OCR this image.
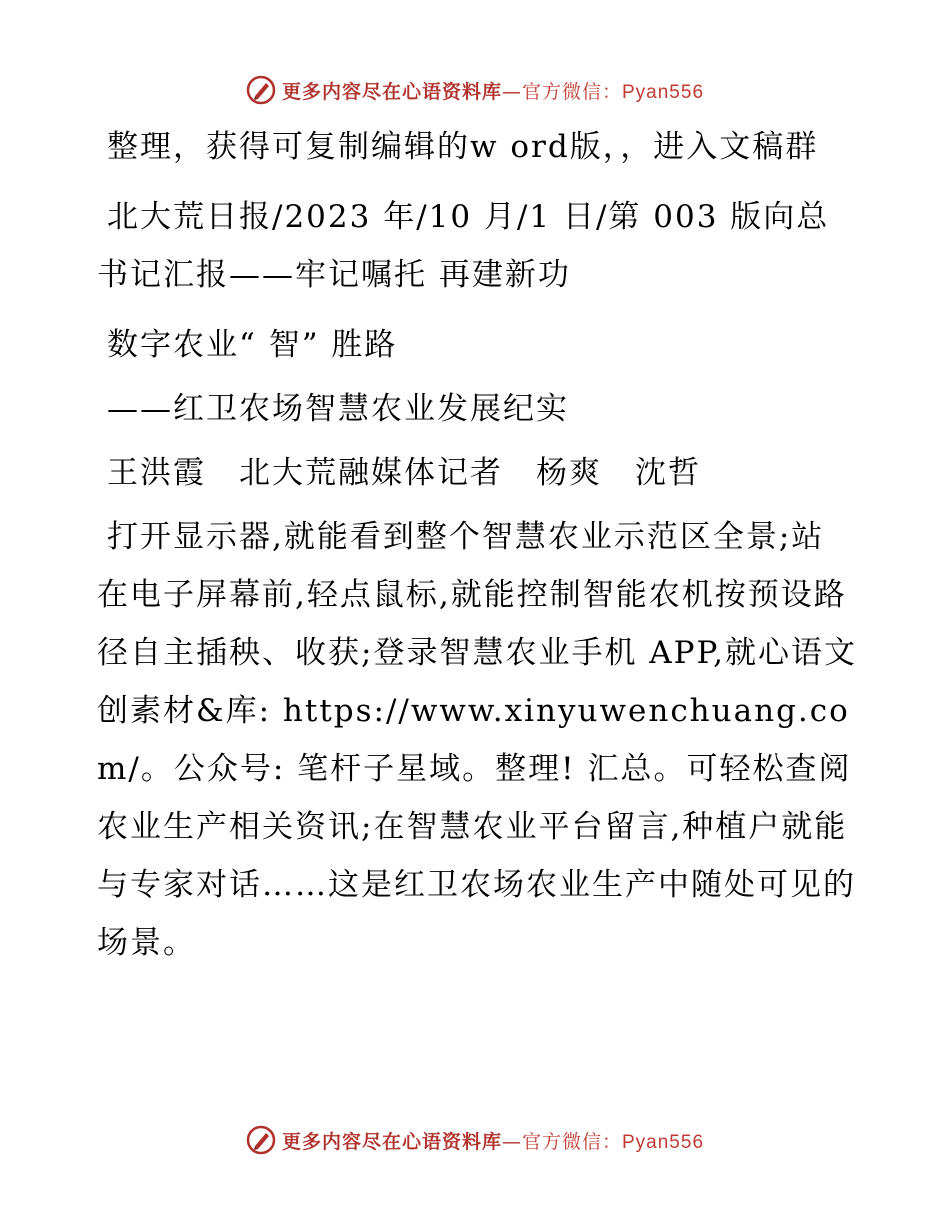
更多内容尽在心语资料库—官方微信：Pyan556

整理，获得可复制编辑的w ord版，，进入文稿群

北大荒日报/2023 年/10 月/1 日/第 003 版向总书记汇报——牢记嘱托 再建新功

数字农业“ 智” 胜路

——红卫农场智慧农业发展纪实

王洪霞　北大荒融媒体记者　杨爽　沈哲

打开显示器,就能看到整个智慧农业示范区全景;站在电子屏幕前,轻点鼠标,就能控制智能农机按预设路径自主插秧、收获;登录智慧农业手机 APP,就心语文创素材&库: https://www.xinyuwenchuang.com/。公众号: 笔杆子星域。整理! 汇总。可轻松查阅农业生产相关资讯;在智慧农业平台留言,种植户就能与专家对话……这是红卫农场农业生产中随处可见的场景。

更多内容尽在心语资料库—官方微信：Pyan556
